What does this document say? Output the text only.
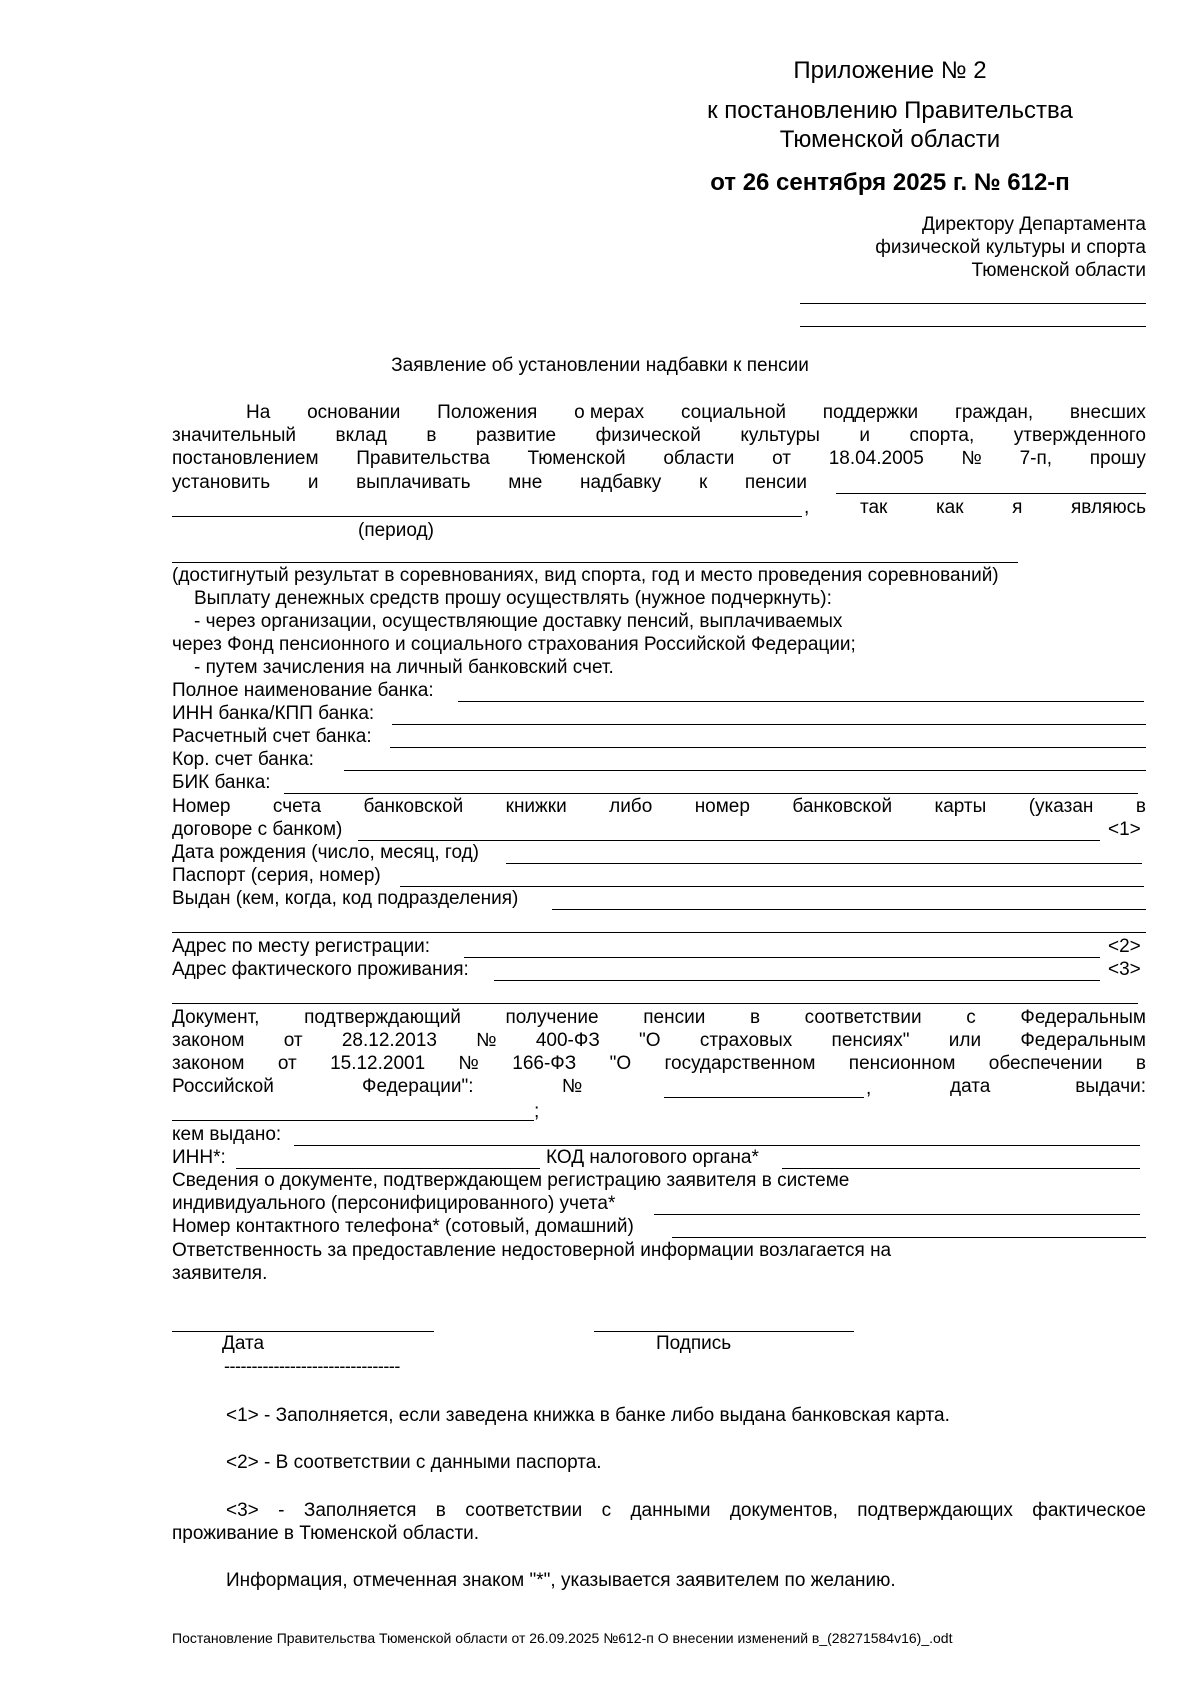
Приложение № 2
к постановлению Правительства
Тюменской области
от 26 сентября 2025 г. № 612-п
Директору Департамента
физической культуры и спорта
Тюменской области
Заявление об установлении надбавки к пенсии
На основании Положения о мерах социальной поддержки граждан, внесших
значительный вклад в развитие физической культуры и спорта, утвержденного
постановлением Правительства Тюменской области от 18.04.2005 № 7-п, прошу
установить и выплачивать мне надбавку к пенсии
,	так	как	я	являюсь
(период)
(достигнутый результат в соревнованиях, вид спорта, год и место проведения соревнований)
Выплату денежных средств прошу осуществлять (нужное подчеркнуть):
- через организации, осуществляющие доставку пенсий, выплачиваемых
через Фонд пенсионного и социального страхования Российской Федерации;
- путем зачисления на личный банковский счет.
Полное наименование банка:
ИНН банка/КПП банка:
Расчетный счет банка:
Кор. счет банка:
БИК банка:
Номер счета банковской книжки либо номер банковской карты (указан в
договоре с банком)	<1>
Дата рождения (число, месяц, год)
Паспорт (серия, номер)
Выдан (кем, когда, код подразделения)
Адрес по месту регистрации:	<2>
Адрес фактического проживания:	<3>
Документ, подтверждающий получение пенсии в соответствии с Федеральным
законом от 28.12.2013 № 400-ФЗ "О страховых пенсиях" или Федеральным
законом от 15.12.2001 № 166-ФЗ "О государственном пенсионном обеспечении в
Российской	Федерации":	№	,	дата	выдачи:
;
кем выдано:
ИНН*:	КОД налогового органа*
Сведения о документе, подтверждающем регистрацию заявителя в системе
индивидуального (персонифицированного) учета*
Номер контактного телефона* (сотовый, домашний)
Ответственность за предоставление недостоверной информации возлагается на
заявителя.
Дата	Подпись
--------------------------------
<1> - Заполняется, если заведена книжка в банке либо выдана банковская карта.
<2> - В соответствии с данными паспорта.
<3> - Заполняется в соответствии с данными документов, подтверждающих фактическое
проживание в Тюменской области.
Информация, отмеченная знаком "*", указывается заявителем по желанию.
Постановление Правительства Тюменской области от 26.09.2025 №612-п О внесении изменений в_(28271584v16)_.odt
